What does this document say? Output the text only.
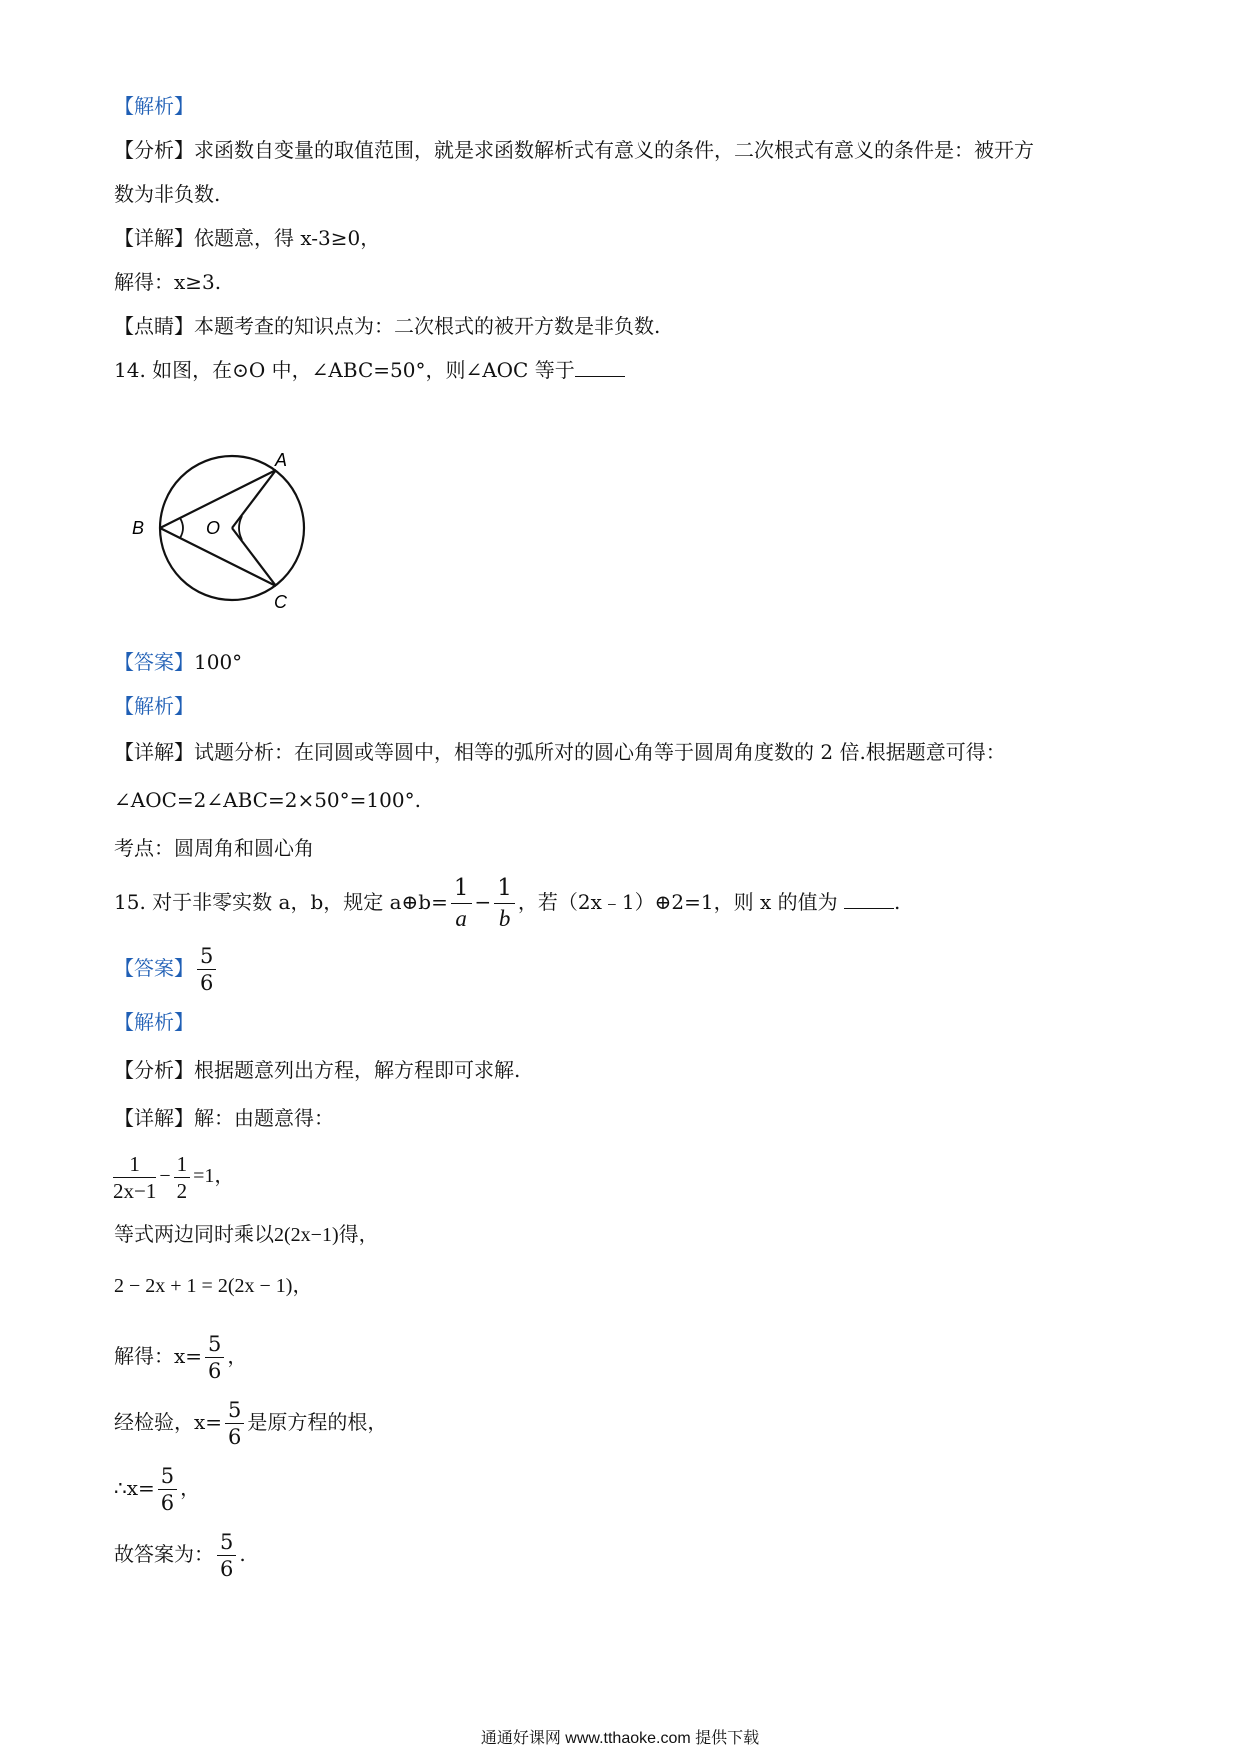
【解析】
【分析】求函数自变量的取值范围，就是求函数解析式有意义的条件，二次根式有意义的条件是：被开方
数为非负数.
【详解】依题意，得 x-3≥0，
解得：x≥3.
【点睛】本题考查的知识点为：二次根式的被开方数是非负数.
14. 如图，在⊙O 中，∠ABC=50°，则∠AOC 等于
A
B
C
O
【答案】100°
【解析】
【详解】试题分析：在同圆或等圆中，相等的弧所对的圆心角等于圆周角度数的 2 倍.根据题意可得：
∠AOC=2∠ABC=2×50°=100°.
考点：圆周角和圆心角
15. 对于非零实数 a，b，规定 a⊕b= $\frac{1}{a} - \frac{1}{b}$ ，若（2x﹣1）⊕2=1，则 x 的值为	.
【答案】 $\frac{5}{6}$
【解析】
【分析】根据题意列出方程，解方程即可求解.
【详解】解：由题意得：
$\frac{1}{2x-1} - \frac{1}{2} =1$，
等式两边同时乘以2(2x−1)得，
2 − 2x + 1 = 2(2x − 1)，
解得：$x= \frac{5}{6}$ ，
经检验，$x= \frac{5}{6}$ 是原方程的根，
∴x= $\frac{5}{6}$ ，
故答案为： $\frac{5}{6}$ .
通通好课网 www.tthaoke.com 提供下载
